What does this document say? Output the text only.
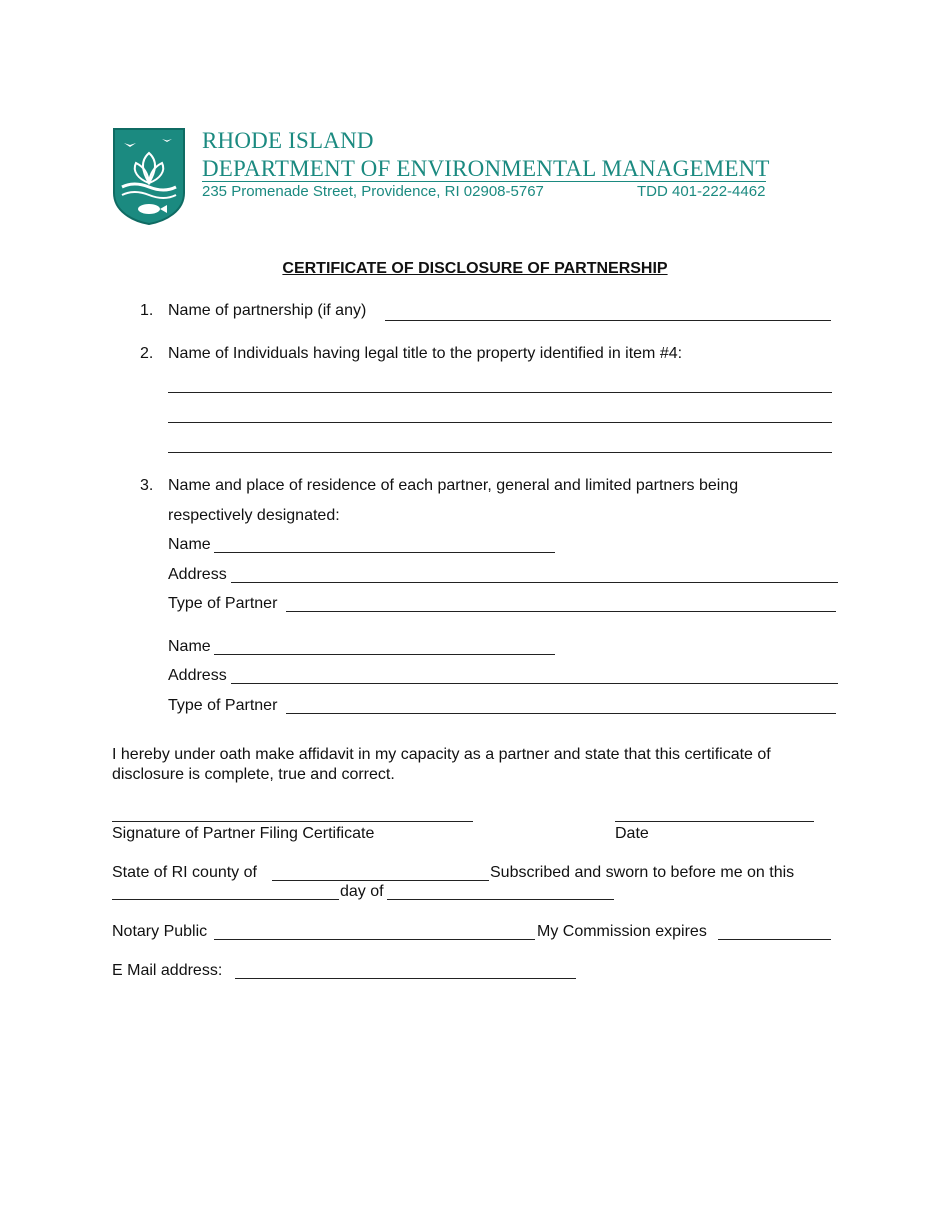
RHODE ISLAND
DEPARTMENT OF ENVIRONMENTAL MANAGEMENT
235 Promenade Street, Providence, RI 02908-5767	TDD 401-222-4462
CERTIFICATE OF DISCLOSURE OF PARTNERSHIP
1. Name of partnership (if any)
2. Name of Individuals having legal title to the property identified in item #4:
3. Name and place of residence of each partner, general and limited partners being
respectively designated:
Name
Address
Type of Partner
Name
Address
Type of Partner
I hereby under oath make affidavit in my capacity as a partner and state that this certificate of
disclosure is complete, true and correct.
Signature of Partner Filing Certificate	Date
State of RI county of	Subscribed and sworn to before me on this
day of
Notary Public	My Commission expires
E Mail address:
